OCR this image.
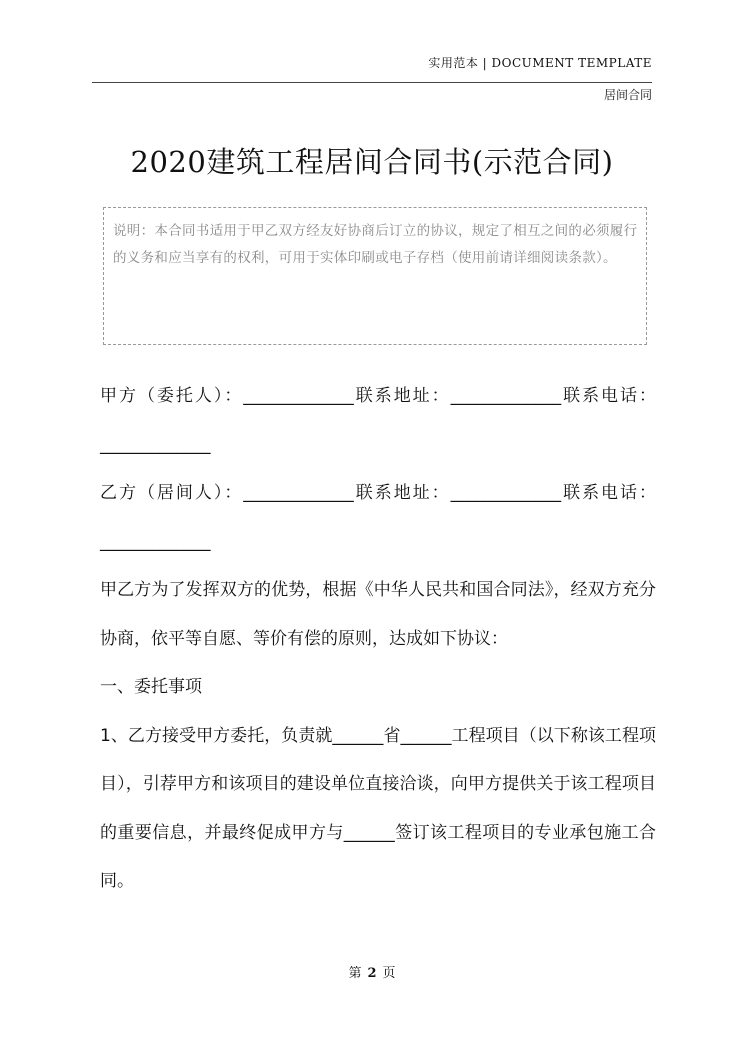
实用范本 | DOCUMENT TEMPLATE
居间合同
2020建筑工程居间合同书(示范合同)
说明：本合同书适用于甲乙双方经友好协商后订立的协议，规定了相互之间的必须履行的义务和应当享有的权利，可用于实体印刷或电子存档（使用前请详细阅读条款）。

甲方（委托人）：_____________联系地址：_____________联系电话：_____________

乙方（居间人）：_____________联系地址：_____________联系电话：_____________

甲乙方为了发挥双方的优势，根据《中华人民共和国合同法》，经双方充分协商，依平等自愿、等价有偿的原则，达成如下协议：

一、委托事项

1、乙方接受甲方委托，负责就______省______工程项目（以下称该工程项目），引荐甲方和该项目的建设单位直接洽谈，向甲方提供关于该工程项目的重要信息，并最终促成甲方与______签订该工程项目的专业承包施工合同。

第 2 页
